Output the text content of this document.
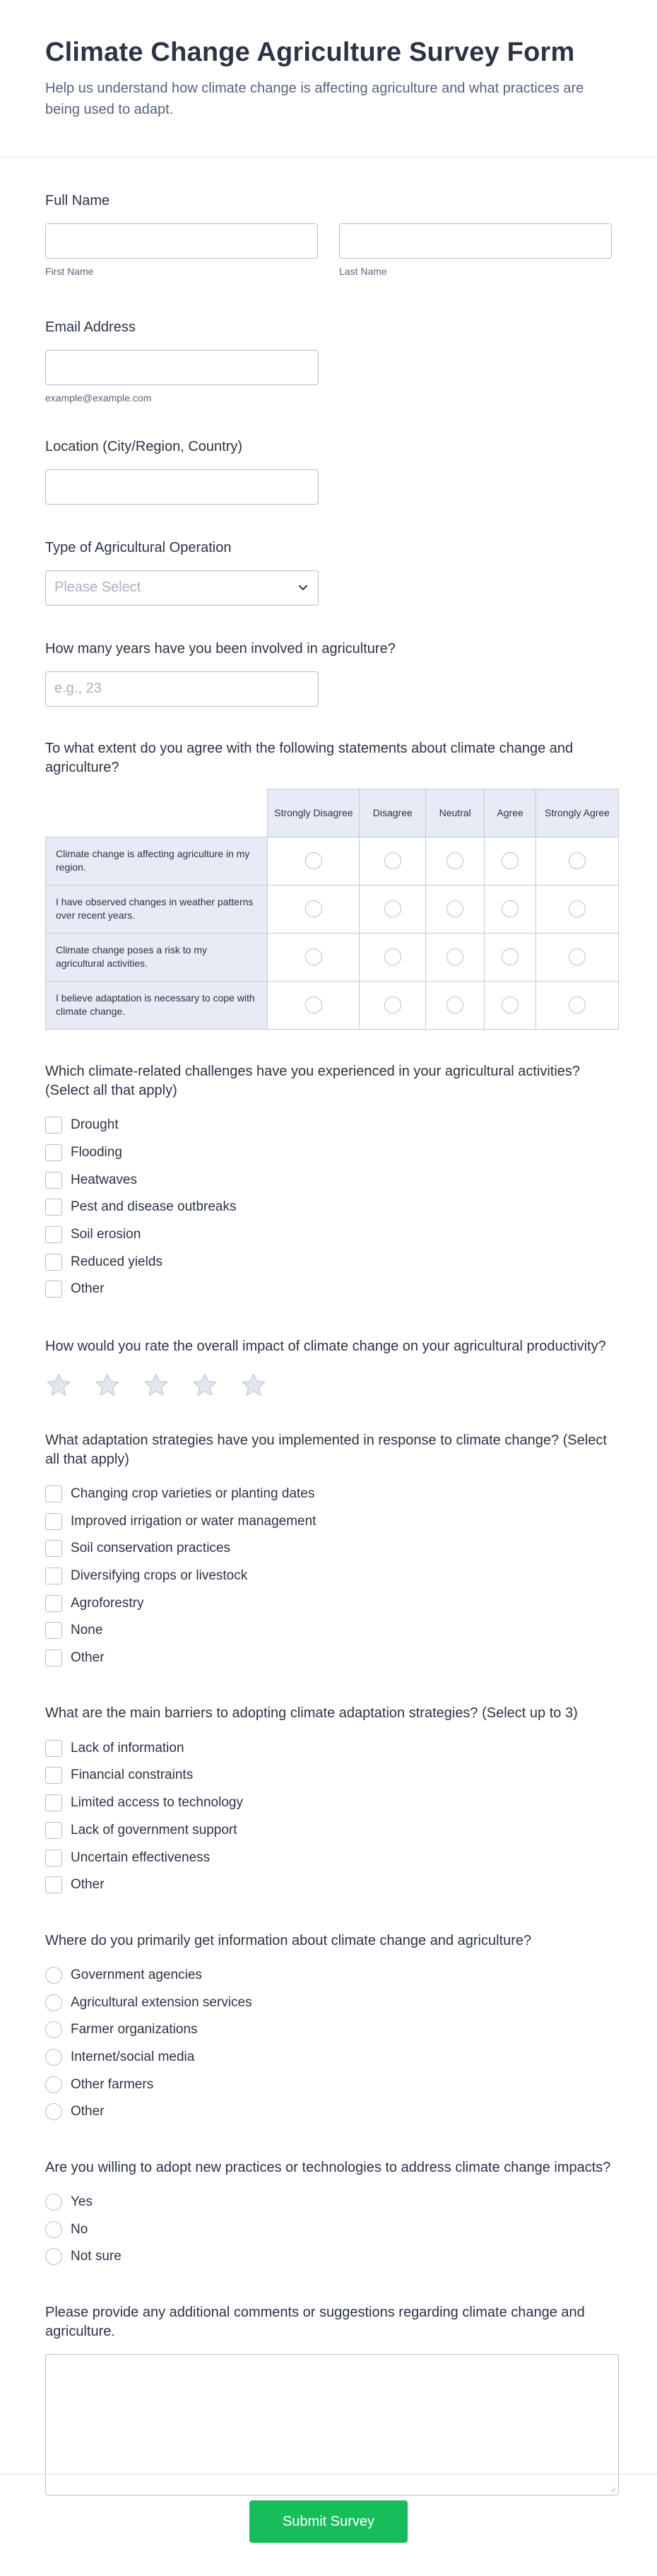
Climate Change Agriculture Survey Form

Help us understand how climate change is affecting agriculture and what practices are being used to adapt.

Full Name
First Name	Last Name
Email Address
example@example.com
Location (City/Region, Country)
Type of Agricultural Operation
Please Select
How many years have you been involved in agriculture?
e.g., 23
To what extent do you agree with the following statements about climate change and agriculture?
	Strongly Disagree	Disagree	Neutral	Agree	Strongly Agree
Climate change is affecting agriculture in my region.					
I have observed changes in weather patterns over recent years.					
Climate change poses a risk to my agricultural activities.					
I believe adaptation is necessary to cope with climate change.					
Which climate-related challenges have you experienced in your agricultural activities? (Select all that apply)
Drought
Flooding
Heatwaves
Pest and disease outbreaks
Soil erosion
Reduced yields
Other
How would you rate the overall impact of climate change on your agricultural productivity?
What adaptation strategies have you implemented in response to climate change? (Select all that apply)
Changing crop varieties or planting dates
Improved irrigation or water management
Soil conservation practices
Diversifying crops or livestock
Agroforestry
None
Other
What are the main barriers to adopting climate adaptation strategies? (Select up to 3)
Lack of information
Financial constraints
Limited access to technology
Lack of government support
Uncertain effectiveness
Other
Where do you primarily get information about climate change and agriculture?
Government agencies
Agricultural extension services
Farmer organizations
Internet/social media
Other farmers
Other
Are you willing to adopt new practices or technologies to address climate change impacts?
Yes
No
Not sure
Please provide any additional comments or suggestions regarding climate change and agriculture.
Submit Survey
